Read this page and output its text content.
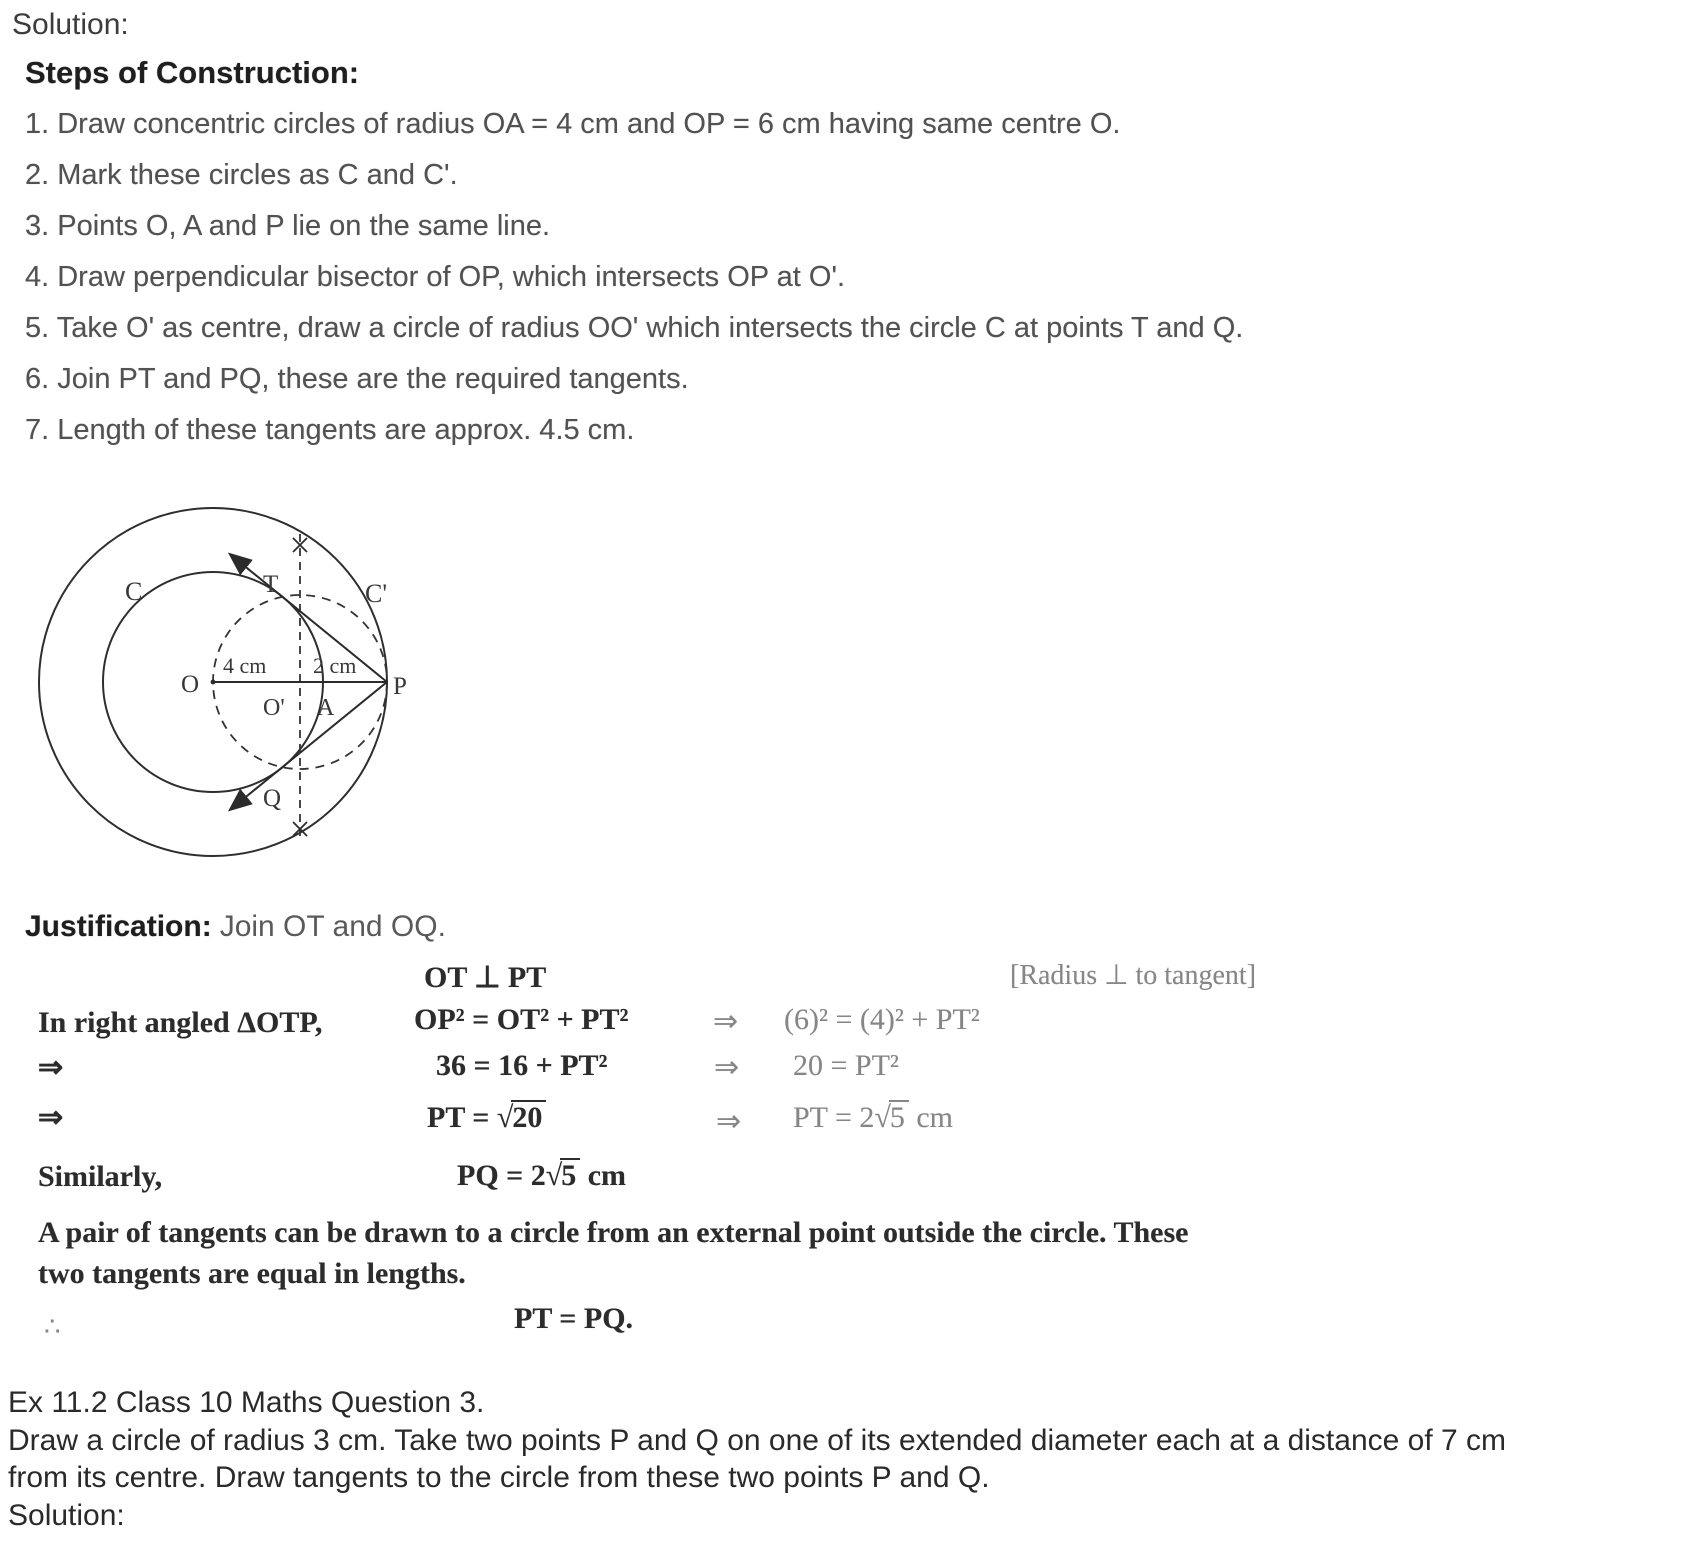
Solution:
Steps of Construction:
1. Draw concentric circles of radius OA = 4 cm and OP = 6 cm having same centre O.
2. Mark these circles as C and C'.
3. Points O, A and P lie on the same line.
4. Draw perpendicular bisector of OP, which intersects OP at O'.
5. Take O' as centre, draw a circle of radius OO' which intersects the circle C at points T and Q.
6. Join PT and PQ, these are the required tangents.
7. Length of these tangents are approx. 4.5 cm.
C	C'
T
Q
O
O' A
P
4 cm 2 cm
Justification: Join OT and OQ.
[Radius ⊥ to tangent]
OT ⊥ PT
In right angled ΔOTP,	OP² = OT² + PT²	⇒ (6)² = (4)² + PT²
⇒	36 = 16 + PT²	⇒ 20 = PT²
⇒	PT = √20	⇒ PT = 2√5 cm
Similarly,	PQ = 2√5 cm
A pair of tangents can be drawn to a circle from an external point outside the circle. These
two tangents are equal in lengths.
∴	PT = PQ.
Ex 11.2 Class 10 Maths Question 3.
Draw a circle of radius 3 cm. Take two points P and Q on one of its extended diameter each at a distance of 7 cm
from its centre. Draw tangents to the circle from these two points P and Q.
Solution:
